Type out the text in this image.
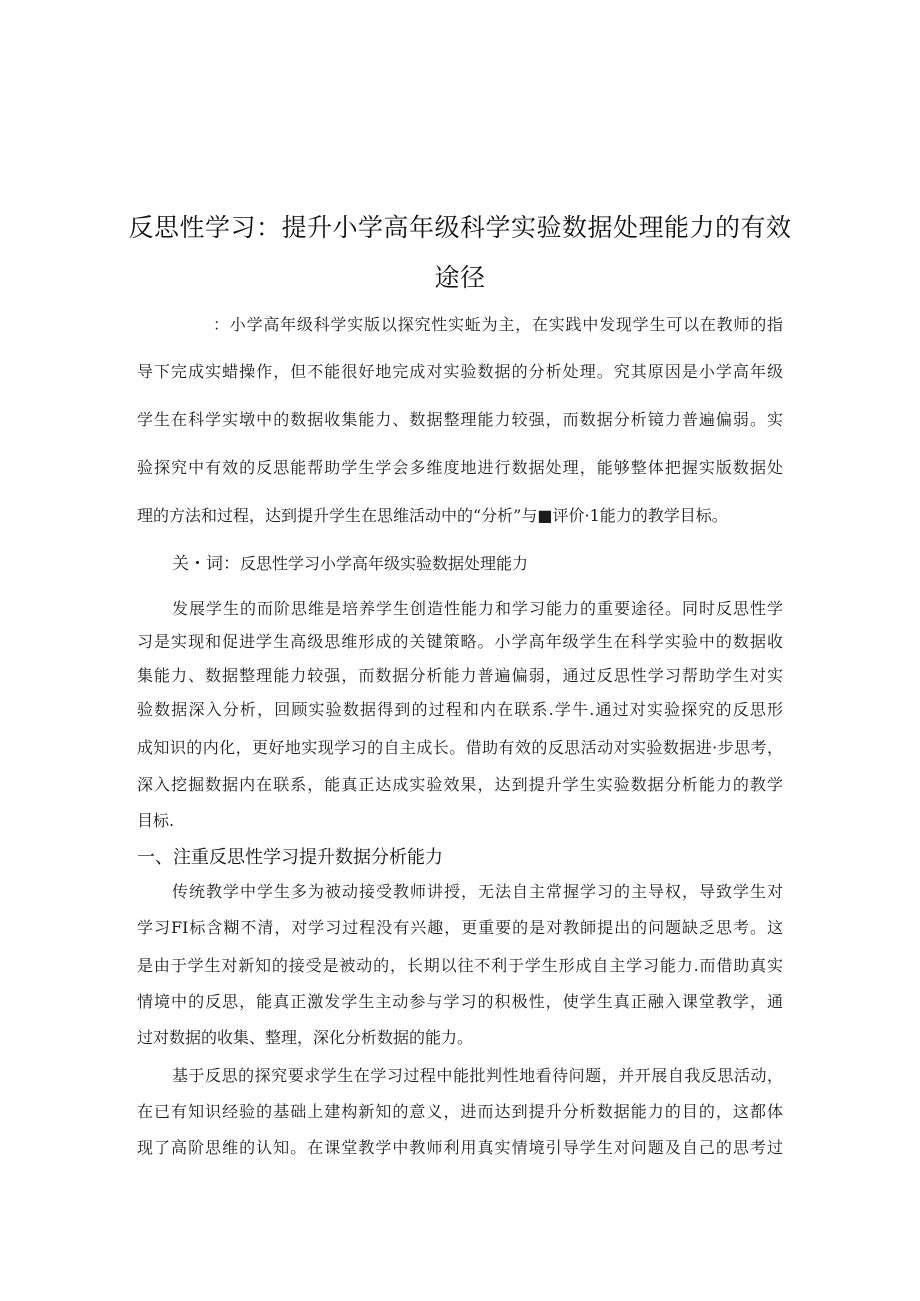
反思性学习：提升小学高年级科学实验数据处理能力的有效
途径
：小学高年级科学实版以探究性实蚯为主，在实践中发现学生可以在教师的指
导下完成实蜡操作，但不能很好地完成对实验数据的分析处理。究其原因是小学高年级
学生在科学实墩中的数据收集能力、数据整理能力较强，而数据分析镜力普遍偏弱。实
验探究中有效的反思能帮助学生学会多维度地进行数据处理，能够整体把握实版数据处
理的方法和过程，达到提升学生在思维活动中的“分析”与■评价·1能力的教学目标。
关・词：反思性学习小学高年级实验数据处理能力
发展学生的而阶思维是培养学生创造性能力和学习能力的重要途径。同时反思性学
习是实现和促进学生高级思维形成的关键策略。小学高年级学生在科学实验中的数据收
集能力、数据整理能力较强，而数据分析能力普遍偏弱，通过反思性学习帮助学生对实
验数据深入分析，回顾实验数据得到的过程和内在联系.学牛.通过对实验探究的反思形
成知识的内化，更好地实现学习的自主成长。借助有效的反思活动对实验数据进·步思考，
深入挖掘数据内在联系，能真正达成实验效果，达到提升学生实验数据分析能力的教学
目标.
一、注重反思性学习提升数据分析能力
传统教学中学生多为被动接受教师讲授，无法自主常握学习的主导权，导致学生对
学习FI标含糊不清，对学习过程没有兴趣，更重要的是对教師提出的问题缺乏思考。这
是由于学生对新知的接受是被动的，长期以往不利于学生形成自主学习能力.而借助真实
情境中的反思，能真正激发学生主动参与学习的积极性，使学生真正融入课堂教学，通
过对数据的收集、整理，深化分析数据的能力。
基于反思的探究要求学生在学习过程中能批判性地看待问题，并开展自我反思活动，
在已有知识经验的基础上建构新知的意义，进而达到提升分析数据能力的目的，这都体
现了高阶思维的认知。在课堂教学中教师利用真实情境引导学生对问题及自己的思考过
